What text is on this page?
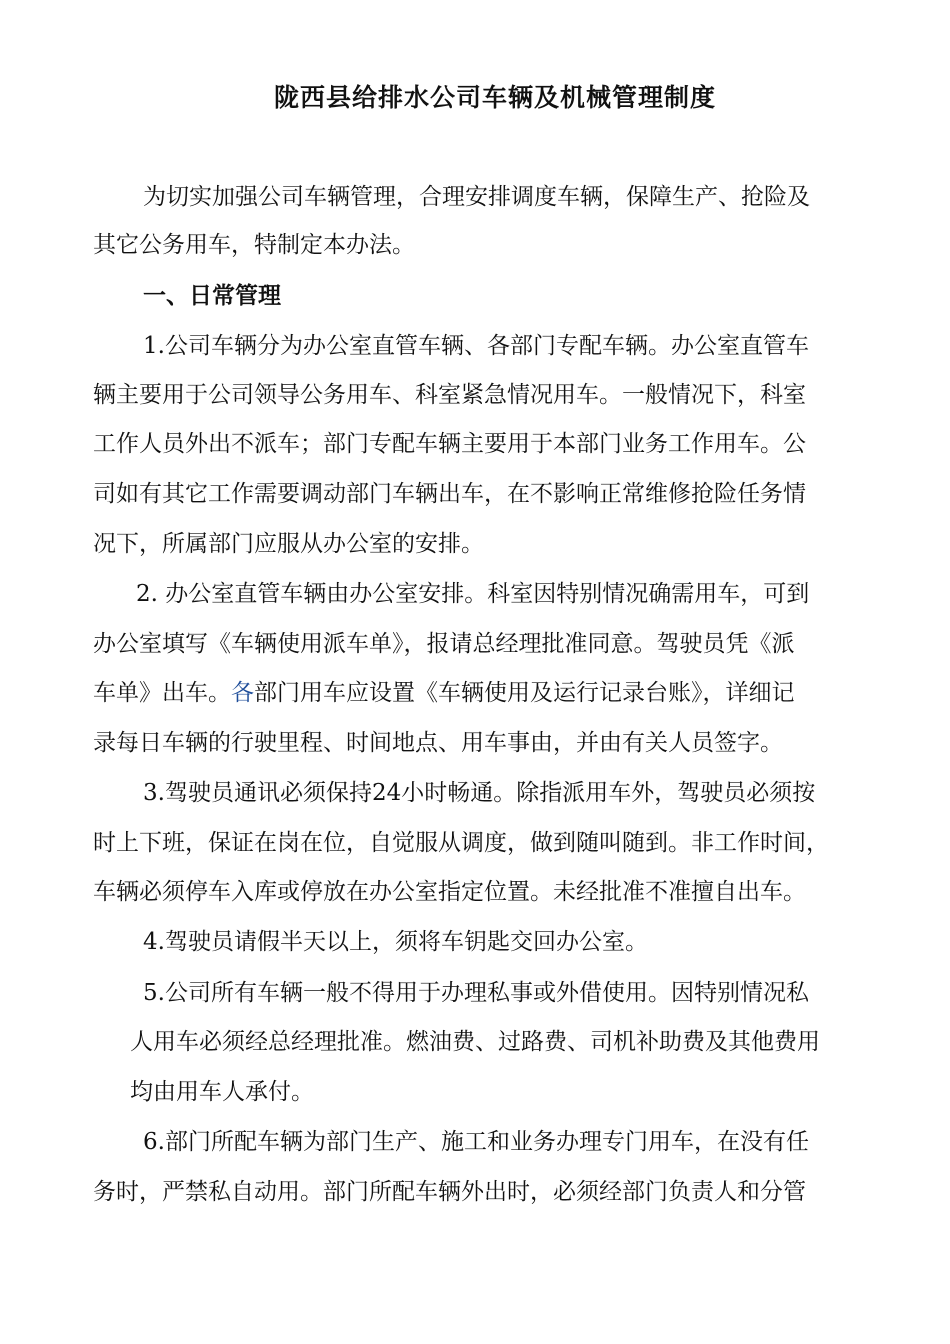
陇西县给排水公司车辆及机械管理制度
为切实加强公司车辆管理，合理安排调度车辆，保障生产、抢险及
其它公务用车，特制定本办法。
一、日常管理
1.公司车辆分为办公室直管车辆、各部门专配车辆。办公室直管车
辆主要用于公司领导公务用车、科室紧急情况用车。一般情况下，科室
工作人员外出不派车；部门专配车辆主要用于本部门业务工作用车。公
司如有其它工作需要调动部门车辆出车，在不影响正常维修抢险任务情
况下，所属部门应服从办公室的安排。
2. 办公室直管车辆由办公室安排。科室因特别情况确需用车，可到
办公室填写《车辆使用派车单》，报请总经理批准同意。驾驶员凭《派
车单》出车。各部门用车应设置《车辆使用及运行记录台账》，详细记
录每日车辆的行驶里程、时间地点、用车事由，并由有关人员签字。
3.驾驶员通讯必须保持24小时畅通。除指派用车外，驾驶员必须按
时上下班，保证在岗在位，自觉服从调度，做到随叫随到。非工作时间，
车辆必须停车入库或停放在办公室指定位置。未经批准不准擅自出车。
4.驾驶员请假半天以上，须将车钥匙交回办公室。
5.公司所有车辆一般不得用于办理私事或外借使用。因特别情况私
人用车必须经总经理批准。燃油费、过路费、司机补助费及其他费用
均由用车人承付。
6.部门所配车辆为部门生产、施工和业务办理专门用车，在没有任
务时，严禁私自动用。部门所配车辆外出时，必须经部门负责人和分管
